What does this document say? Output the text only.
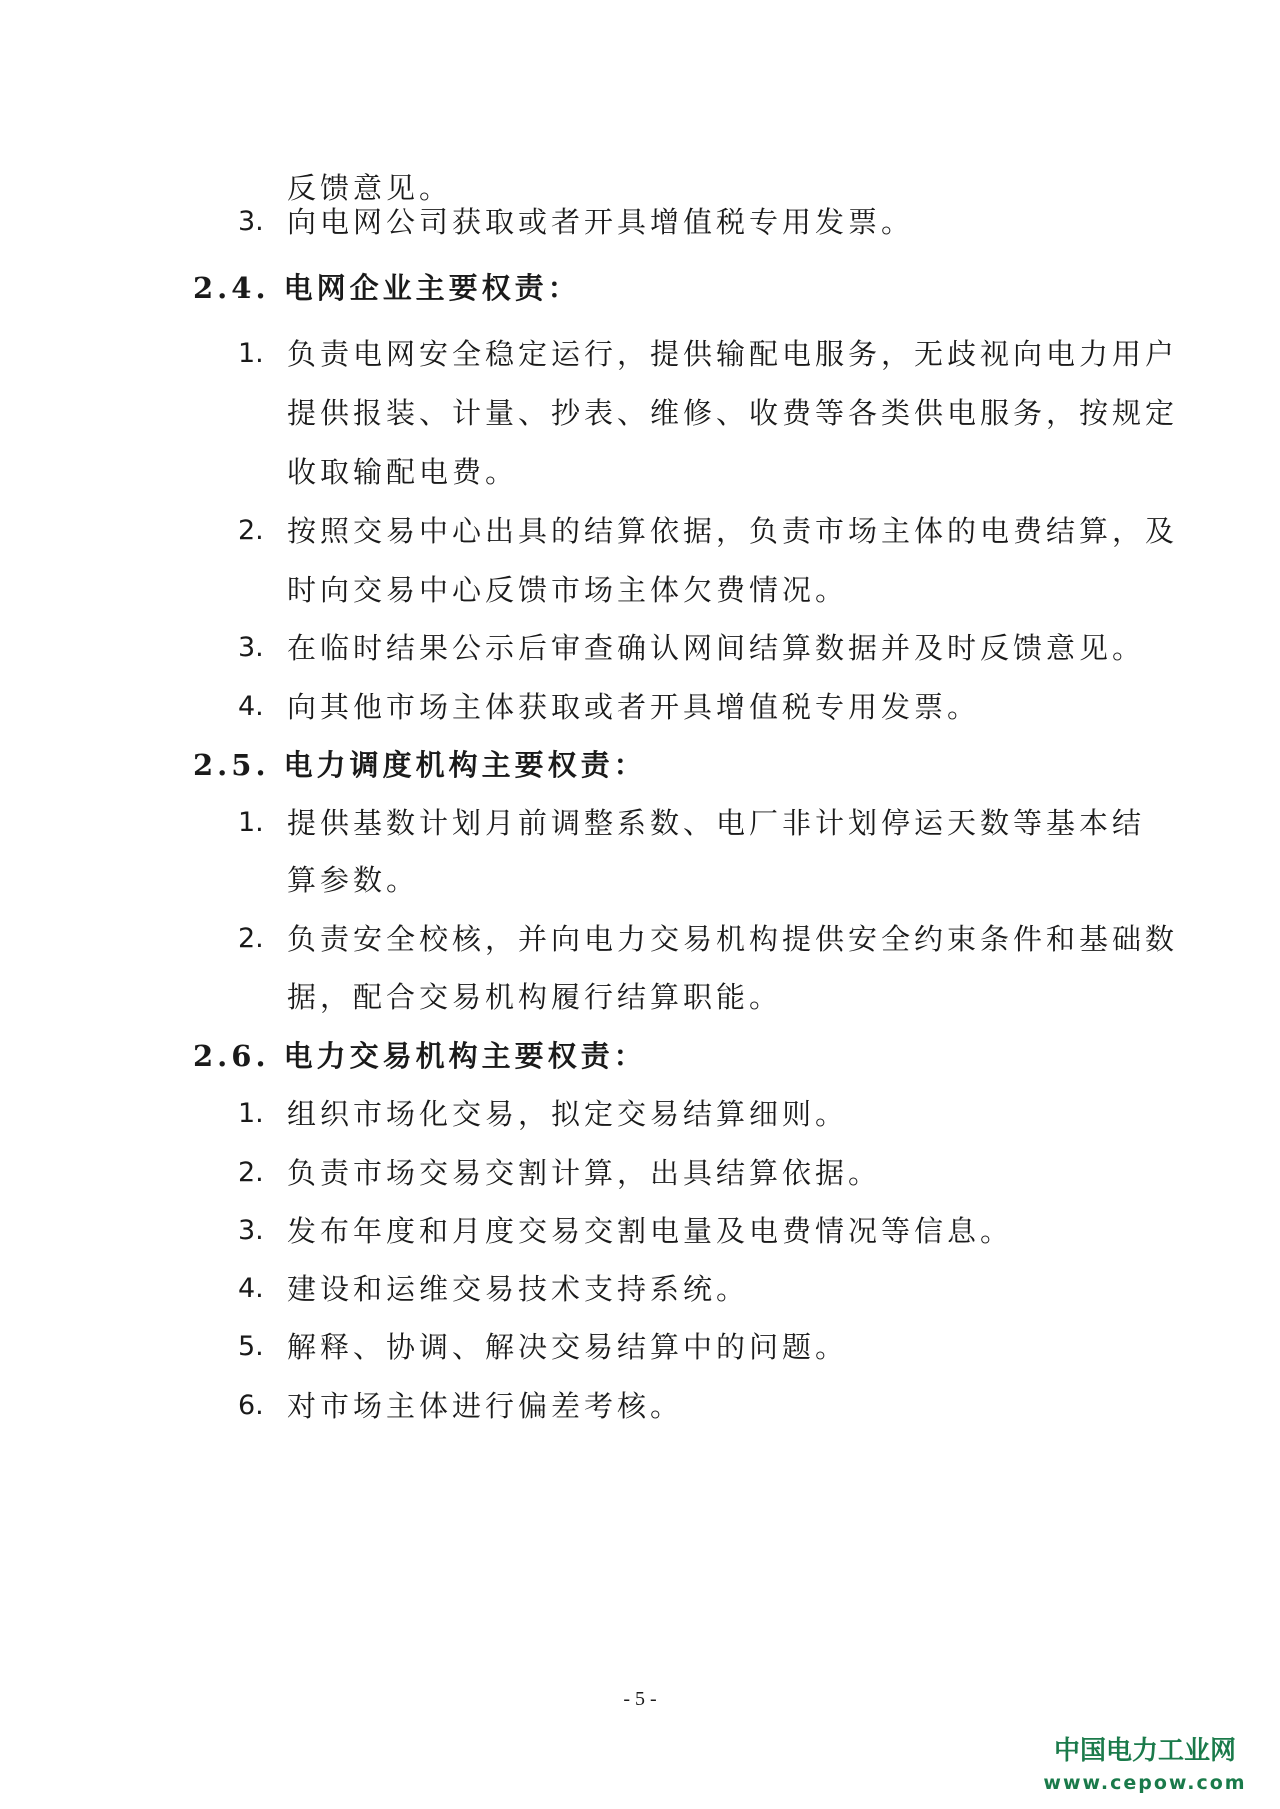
反馈意见。
3. 向电网公司获取或者开具增值税专用发票。
2.4. 电网企业主要权责：
1. 负责电网安全稳定运行，提供输配电服务，无歧视向电力用户
提供报装、计量、抄表、维修、收费等各类供电服务，按规定
收取输配电费。
2. 按照交易中心出具的结算依据，负责市场主体的电费结算，及
时向交易中心反馈市场主体欠费情况。
3. 在临时结果公示后审查确认网间结算数据并及时反馈意见。
4. 向其他市场主体获取或者开具增值税专用发票。
2.5. 电力调度机构主要权责：
1. 提供基数计划月前调整系数、电厂非计划停运天数等基本结
算参数。
2. 负责安全校核，并向电力交易机构提供安全约束条件和基础数
据，配合交易机构履行结算职能。
2.6. 电力交易机构主要权责：
1. 组织市场化交易，拟定交易结算细则。
2. 负责市场交易交割计算，出具结算依据。
3. 发布年度和月度交易交割电量及电费情况等信息。
4. 建设和运维交易技术支持系统。
5. 解释、协调、解决交易结算中的问题。
6. 对市场主体进行偏差考核。
- 5 -
中国电力工业网
www.cepow.com
